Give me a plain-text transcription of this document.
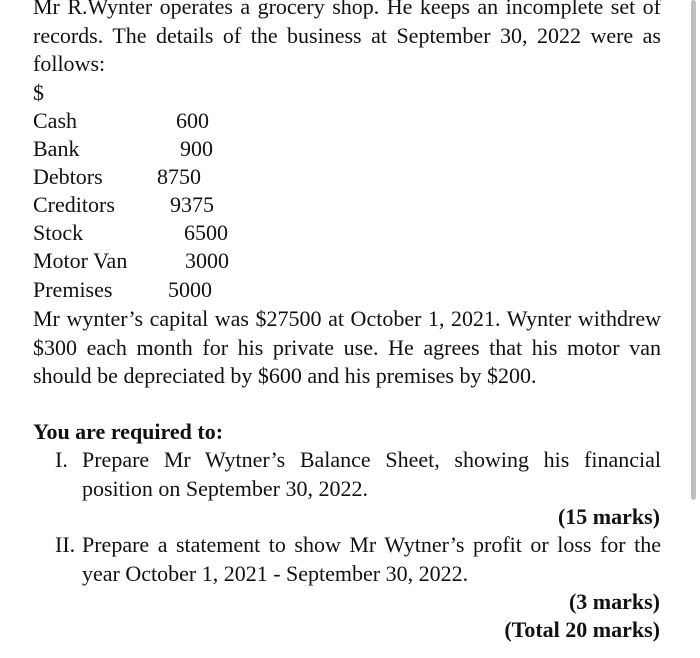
Mr R.Wynter operates a grocery shop. He keeps an incomplete set of records. The details of the business at September 30, 2022 were as follows:

$
Cash	600
Bank	900
Debtors 8750
Creditors	9375
Stock	6500
Motor Van	3000
Premises	5000

Mr wynter’s capital was $27500 at October 1, 2021. Wynter withdrew $300 each month for his private use. He agrees that his motor van should be depreciated by $600 and his premises by $200.

You are required to:
I. Prepare Mr Wytner’s Balance Sheet, showing his financial position on September 30, 2022.
(15 marks)
II. Prepare a statement to show Mr Wytner’s profit or loss for the year October 1, 2021 - September 30, 2022.
(3 marks)
(Total 20 marks)
